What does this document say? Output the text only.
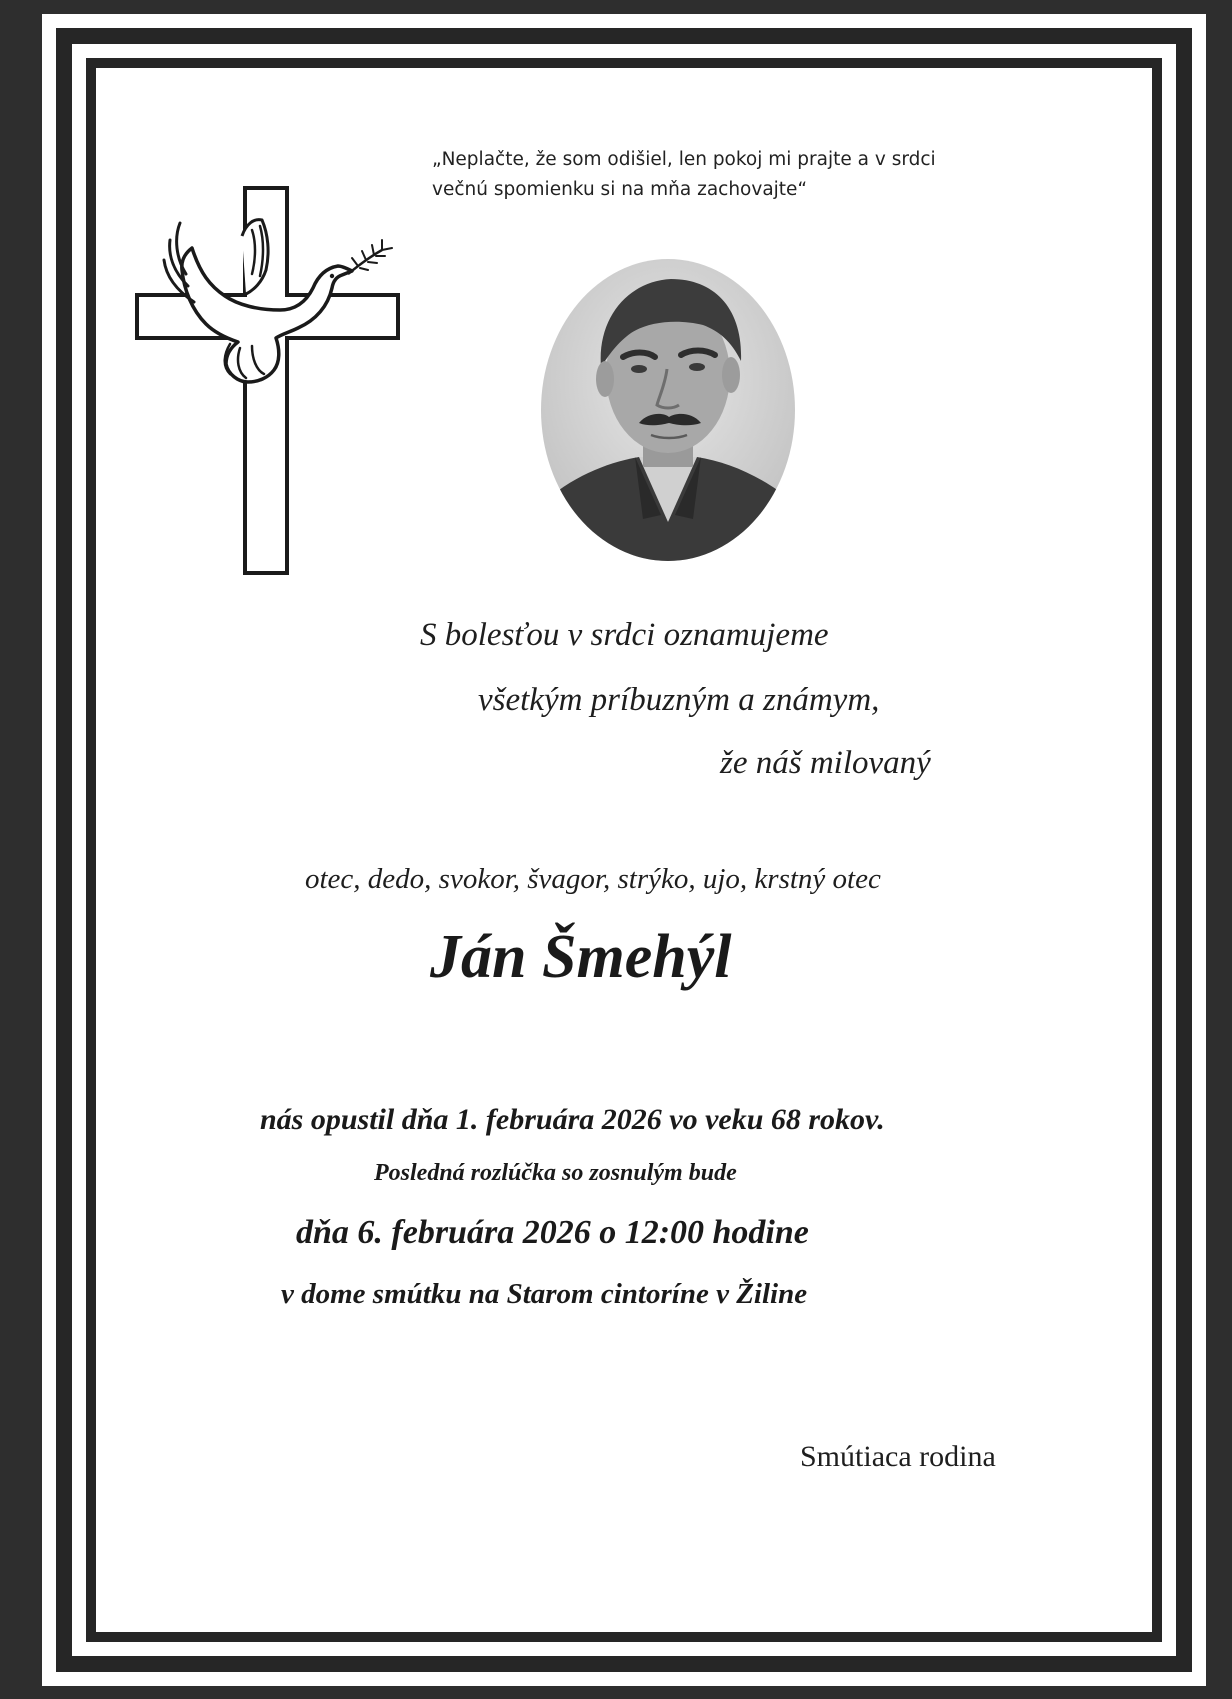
„Neplačte, že som odišiel, len pokoj mi prajte a v srdci
večnú spomienku si na mňa zachovajte“
S bolesťou v srdci oznamujeme
všetkým príbuzným a známym,
že náš milovaný
otec, dedo, svokor, švagor, strýko, ujo, krstný otec
Ján Šmehýl
nás opustil dňa 1. februára 2026 vo veku 68 rokov.
Posledná rozlúčka so zosnulým bude
dňa 6. februára 2026 o 12:00 hodine
v dome smútku na Starom cintoríne v Žiline
Smútiaca rodina
